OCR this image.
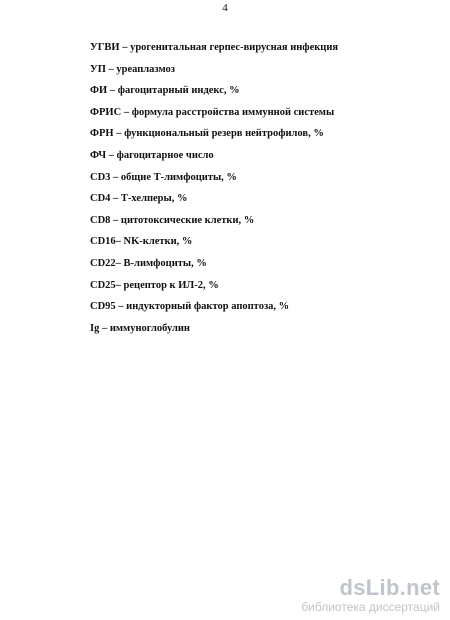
4
УГВИ – урогенитальная герпес-вирусная инфекция
УП – уреаплазмоз
ФИ – фагоцитарный индекс, %
ФРИС – формула расстройства иммунной системы
ФРН – функциональный резерв нейтрофилов, %
ФЧ – фагоцитарное число
CD3 – общие Т-лимфоциты, %
CD4 – Т-хелперы, %
CD8 – цитотоксические клетки, %
CD16– NK-клетки, %
CD22– В-лимфоциты, %
CD25– рецептор к ИЛ-2, %
CD95 – индукторный фактор апоптоза, %
Ig – иммуноглобулин
dsLib.net
библиотека диссертаций
